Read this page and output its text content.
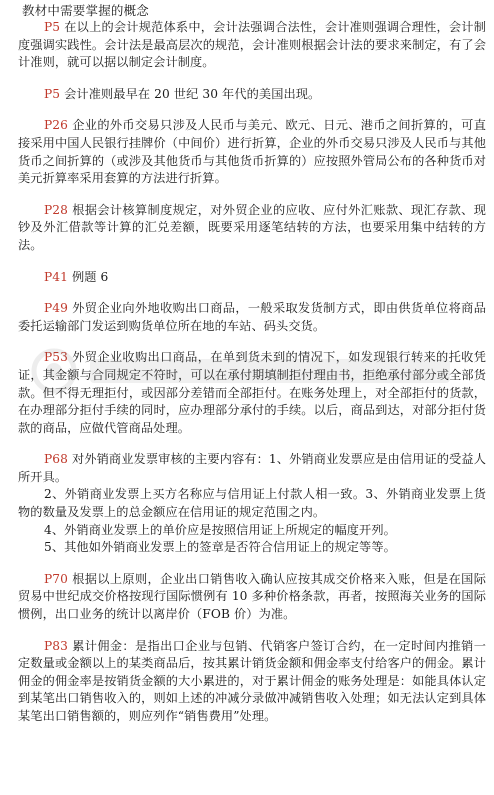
教材中需要掌握的概念

P5 在以上的会计规范体系中，会计法强调合法性，会计准则强调合理性，会计制度强调实践性。会计法是最高层次的规范，会计准则根据会计法的要求来制定，有了会计准则，就可以据以制定会计制度。

P5 会计准则最早在 20 世纪 30 年代的美国出现。

P26 企业的外币交易只涉及人民币与美元、欧元、日元、港币之间折算的，可直接采用中国人民银行挂牌价（中间价）进行折算，企业的外币交易只涉及人民币与其他货币之间折算的（或涉及其他货币与其他货币折算的）应按照外管局公布的各种货币对美元折算率采用套算的方法进行折算。

P28 根据会计核算制度规定，对外贸企业的应收、应付外汇账款、现汇存款、现钞及外汇借款等计算的汇兑差额，既要采用逐笔结转的方法，也要采用集中结转的方法。

P41 例题 6

P49 外贸企业向外地收购出口商品，一般采取发货制方式，即由供货单位将商品委托运输部门发运到购货单位所在地的车站、码头交货。

P53 外贸企业收购出口商品，在单到货未到的情况下，如发现银行转来的托收凭证，其金额与合同规定不符时，可以在承付期填制拒付理由书，拒绝承付部分或全部货款。但不得无理拒付，或因部分差错而全部拒付。在账务处理上，对全部拒付的货款，在办理部分拒付手续的同时，应办理部分承付的手续。以后，商品到达，对部分拒付货款的商品，应做代管商品处理。

P68 对外销商业发票审核的主要内容有：1、外销商业发票应是由信用证的受益人所开具。

2、外销商业发票上买方名称应与信用证上付款人相一致。3、外销商业发票上货物的数量及发票上的总金额应在信用证的规定范围之内。

4、外销商业发票上的单价应是按照信用证上所规定的幅度开列。

5、其他如外销商业发票上的签章是否符合信用证上的规定等等。

P70 根据以上原则，企业出口销售收入确认应按其成交价格来入账，但是在国际贸易中世纪成交价格按现行国际惯例有 10 多种价格条款，再者，按照海关业务的国际惯例，出口业务的统计以离岸价（FOB 价）为准。

P83 累计佣金：是指出口企业与包销、代销客户签订合约，在一定时间内推销一定数量或金额以上的某类商品后，按其累计销货金额和佣金率支付给客户的佣金。累计佣金的佣金率是按销货金额的大小累进的，对于累计佣金的账务处理是：如能具体认定到某笔出口销售收入的，则如上述的冲减分录做冲减销售收入处理；如无法认定到具体某笔出口销售额的，则应列作“销售费用”处理。
